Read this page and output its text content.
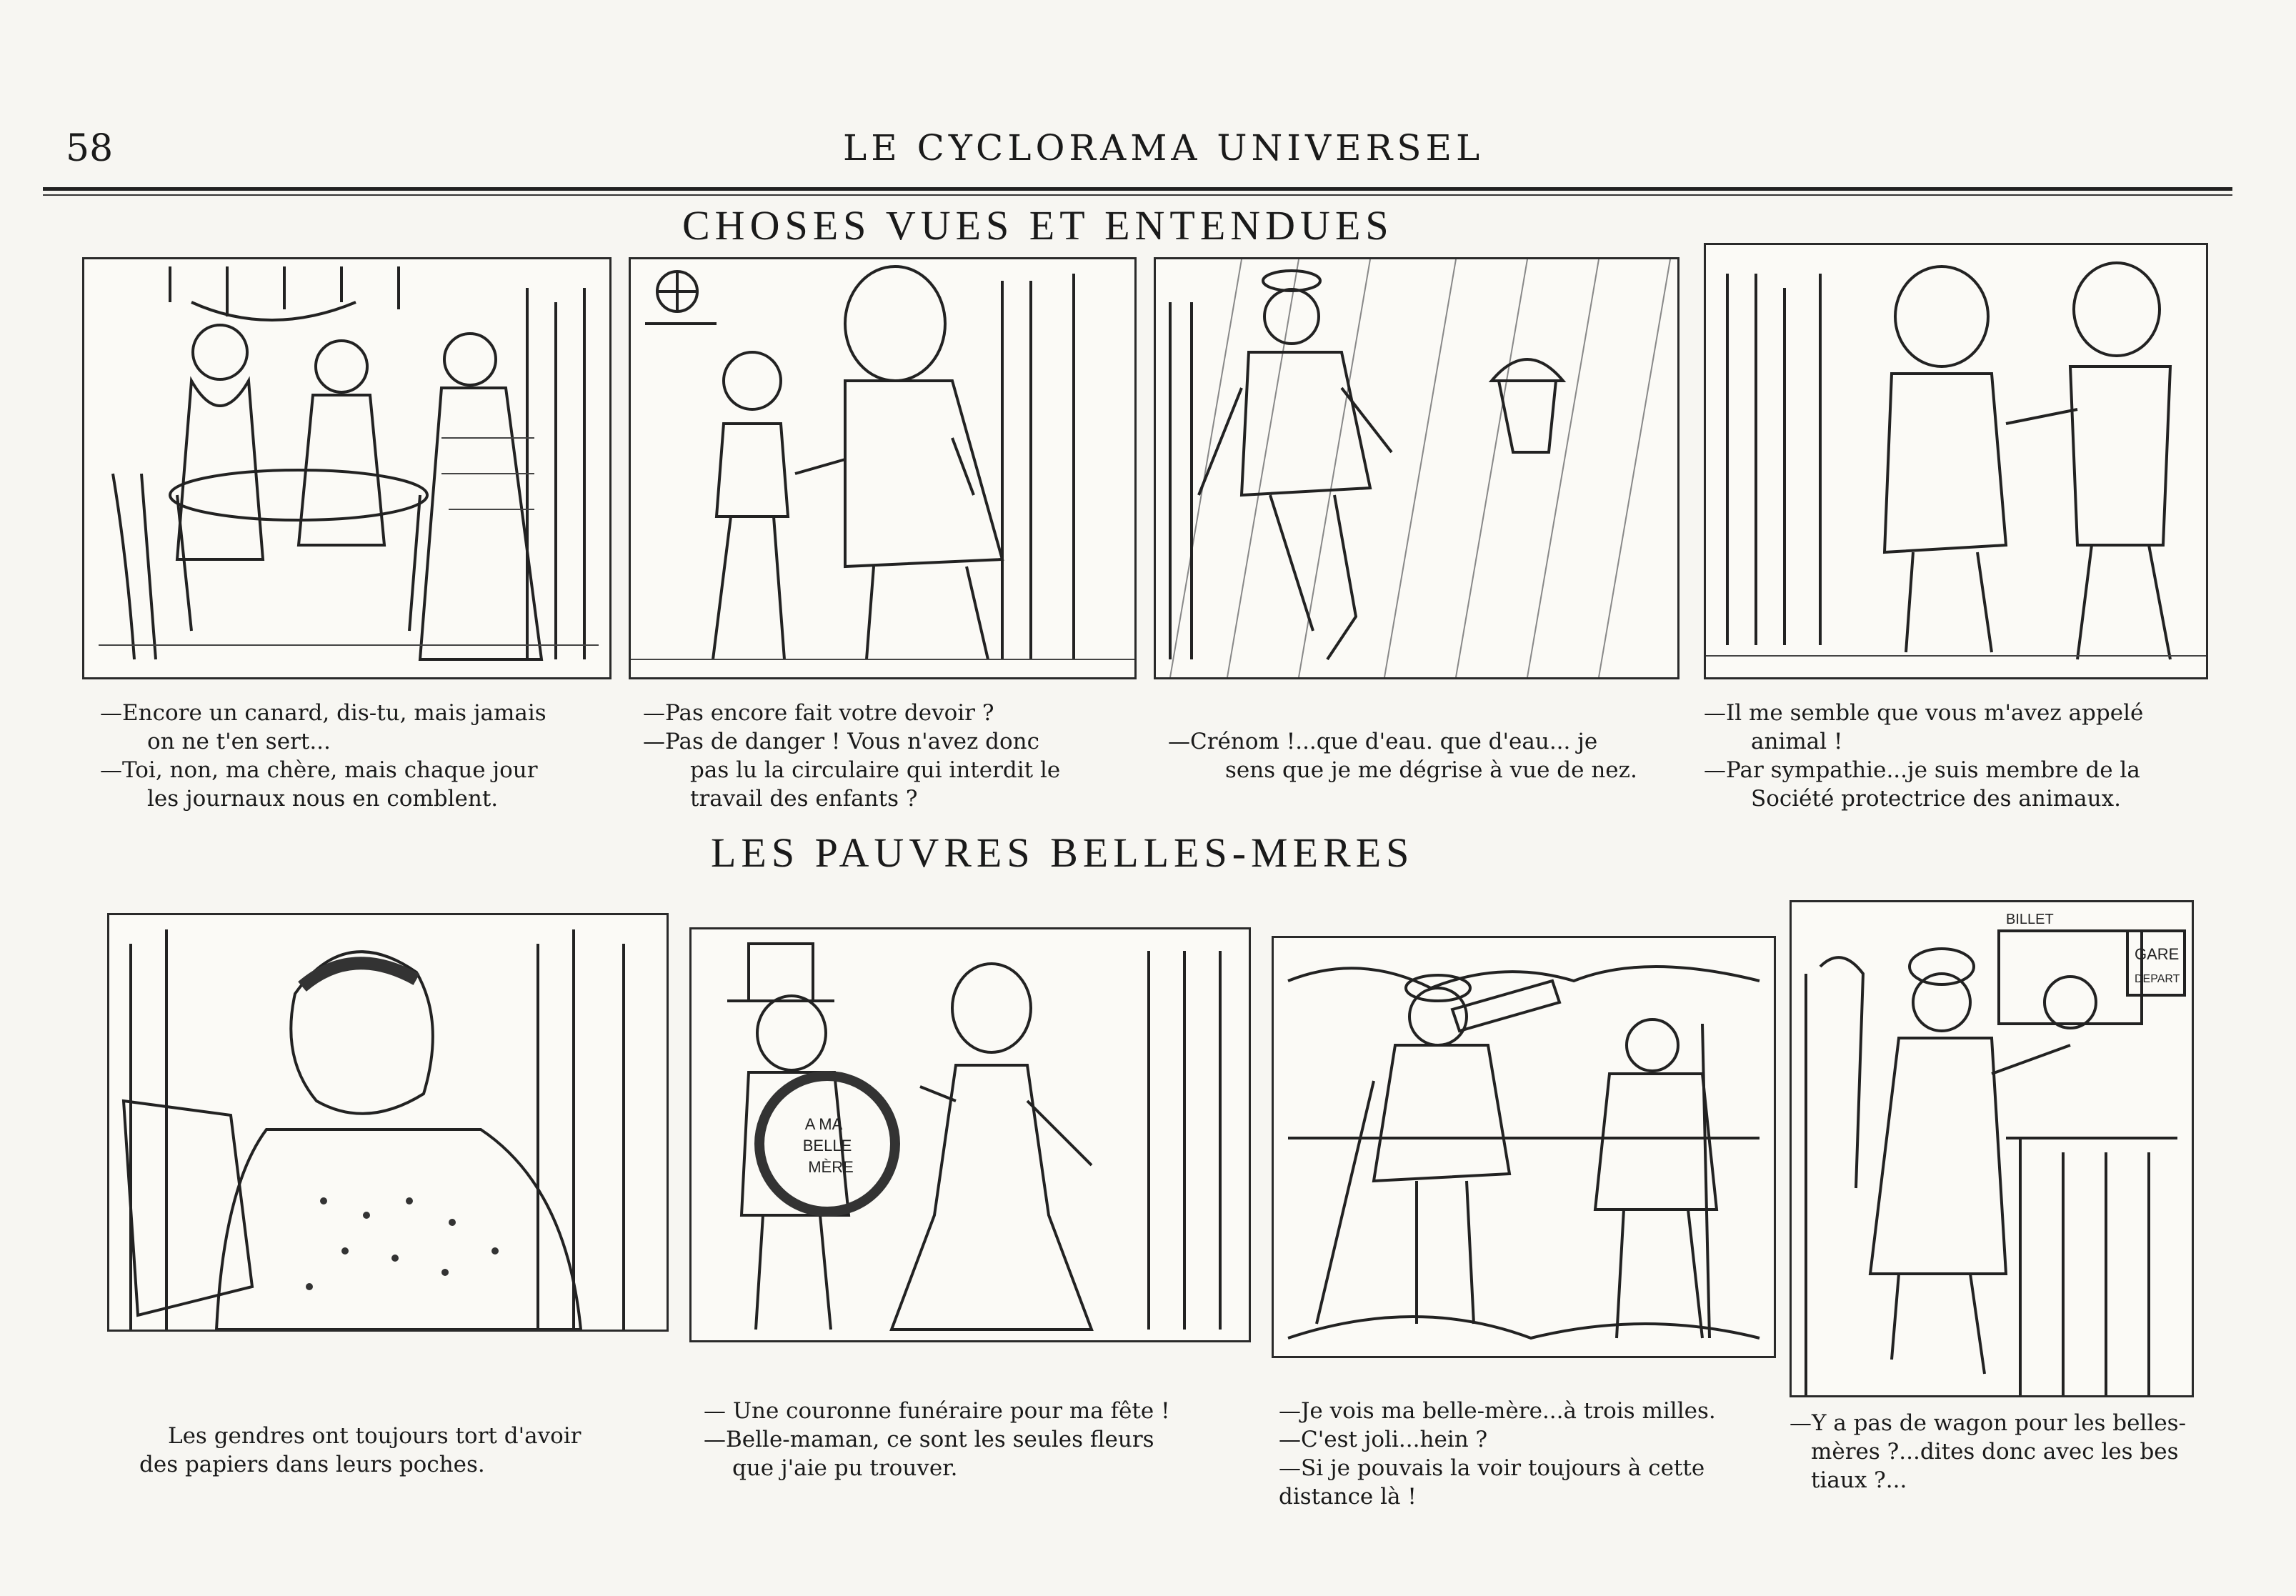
58	LE CYCLORAMA UNIVERSEL
CHOSES VUES ET ENTENDUES

—Encore un canard, dis-tu, mais jamais

on ne t'en sert...

—Toi, non, ma chère, mais chaque jour

les journaux nous en comblent.

—Pas encore fait votre devoir ?

—Pas de danger ! Vous n'avez donc

pas lu la circulaire qui interdit le

travail des enfants ?

—Crénom !...que d'eau. que d'eau... je

sens que je me dégrise à vue de nez.

—Il me semble que vous m'avez appelé

animal !

—Par sympathie...je suis membre de la

Société protectrice des animaux.

LES PAUVRES BELLES-MERES
A MA
BELLE
MÈRE
BILLET
GARE
DEPART

Les gendres ont toujours tort d'avoir

des papiers dans leurs poches.

— Une couronne funéraire pour ma fête !

—Belle-maman, ce sont les seules fleurs

que j'aie pu trouver.

—Je vois ma belle-mère...à trois milles.

—C'est joli...hein ?

—Si je pouvais la voir toujours à cette

distance là !

—Y a pas de wagon pour les belles-

mères ?...dites donc avec les bes

tiaux ?...
